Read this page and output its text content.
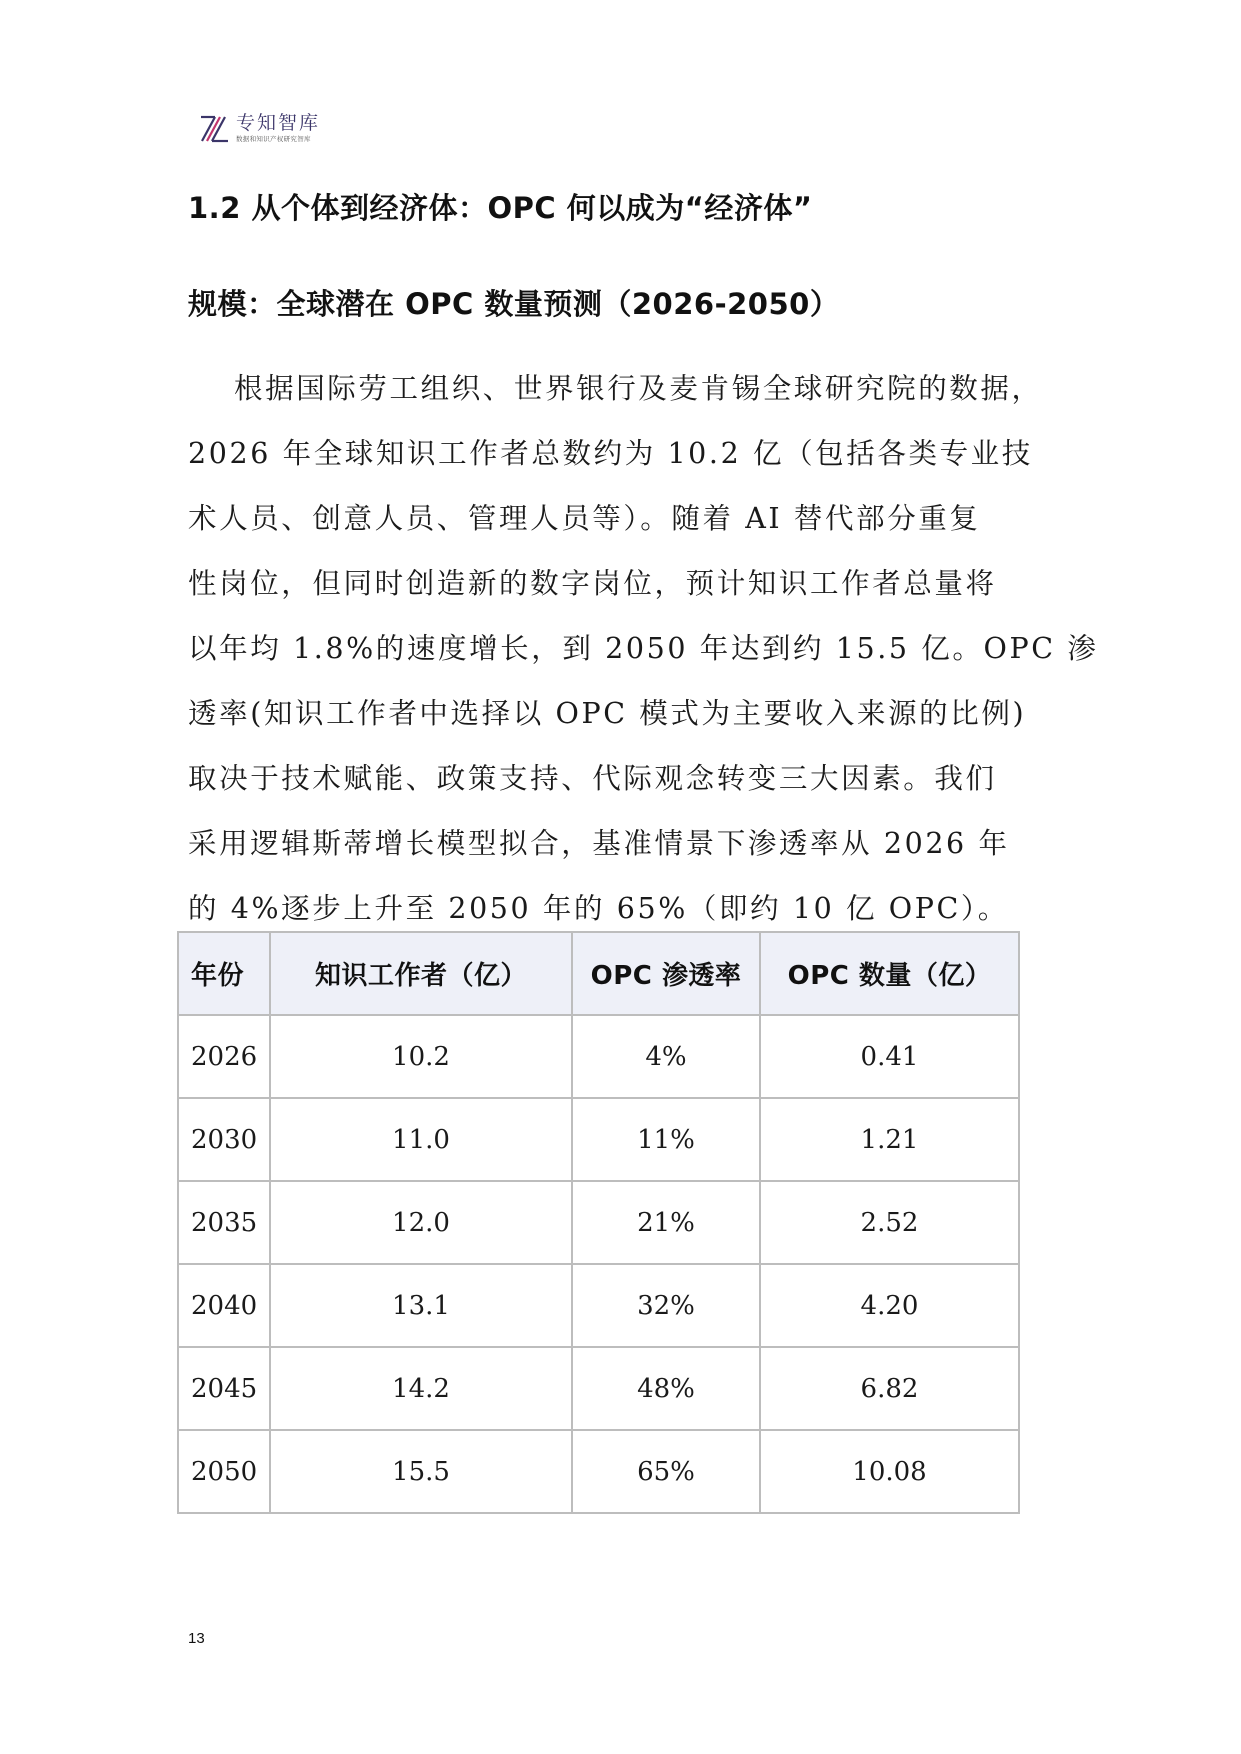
专知智库
数据和知识产权研究智库
1.2 从个体到经济体：OPC 何以成为“经济体”
规模：全球潜在 OPC 数量预测（2026-2050）
根据国际劳工组织、世界银行及麦肯锡全球研究院的数据，
2026 年全球知识工作者总数约为 10.2 亿（包括各类专业技
术人员、创意人员、管理人员等）。随着 AI 替代部分重复
性岗位，但同时创造新的数字岗位，预计知识工作者总量将
以年均 1.8%的速度增长，到 2050 年达到约 15.5 亿。OPC 渗
透率(知识工作者中选择以 OPC 模式为主要收入来源的比例)
取决于技术赋能、政策支持、代际观念转变三大因素。我们
采用逻辑斯蒂增长模型拟合，基准情景下渗透率从 2026 年
的 4%逐步上升至 2050 年的 65%（即约 10 亿 OPC）。
年份	知识工作者（亿）	OPC 渗透率	OPC 数量（亿）
2026	10.2	4%	0.41
2030	11.0	11%	1.21
2035	12.0	21%	2.52
2040	13.1	32%	4.20
2045	14.2	48%	6.82
2050	15.5	65%	10.08
13
